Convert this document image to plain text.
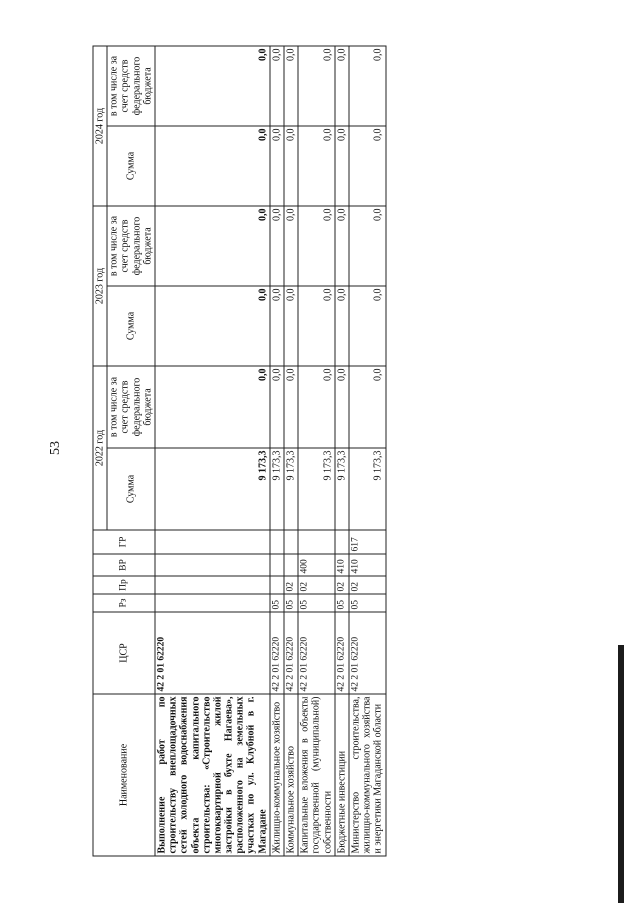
53
Наименование	ЦСР	Рз	Пр	ВР	ГР	2022 год		2023 год		2024 год	
						Сумма	в том числе за счет средств федерального бюджета	Сумма	в том числе за счет средств федерального бюджета	Сумма	в том числе за счет средств федерального бюджета
Выполнение работ по строительству внеплощадочных сетей холодного водоснабжения объекта капитального строительства: «Строительство многоквартирной жилой застройки в бухте Нагаева», расположенного на земельных участках по ул. Клубной в г. Магадане	42 2 01 62220					9 173,3	0,0	0,0	0,0	0,0	0,0
Жилищно-коммунальное хозяйство	42 2 01 62220	05				9 173,3	0,0	0,0	0,0	0,0	0,0
Коммунальное хозяйство	42 2 01 62220	05	02			9 173,3	0,0	0,0	0,0	0,0	0,0
Капитальные вложения в объекты государственной (муниципальной) собственности	42 2 01 62220	05	02	400		9 173,3	0,0	0,0	0,0	0,0	0,0
Бюджетные инвестиции	42 2 01 62220	05	02	410		9 173,3	0,0	0,0	0,0	0,0	0,0
Министерство строительства, жилищно-коммунального хозяйства и энергетики Магаданской области	42 2 01 62220	05	02	410	617	9 173,3	0,0	0,0	0,0	0,0	0,0
